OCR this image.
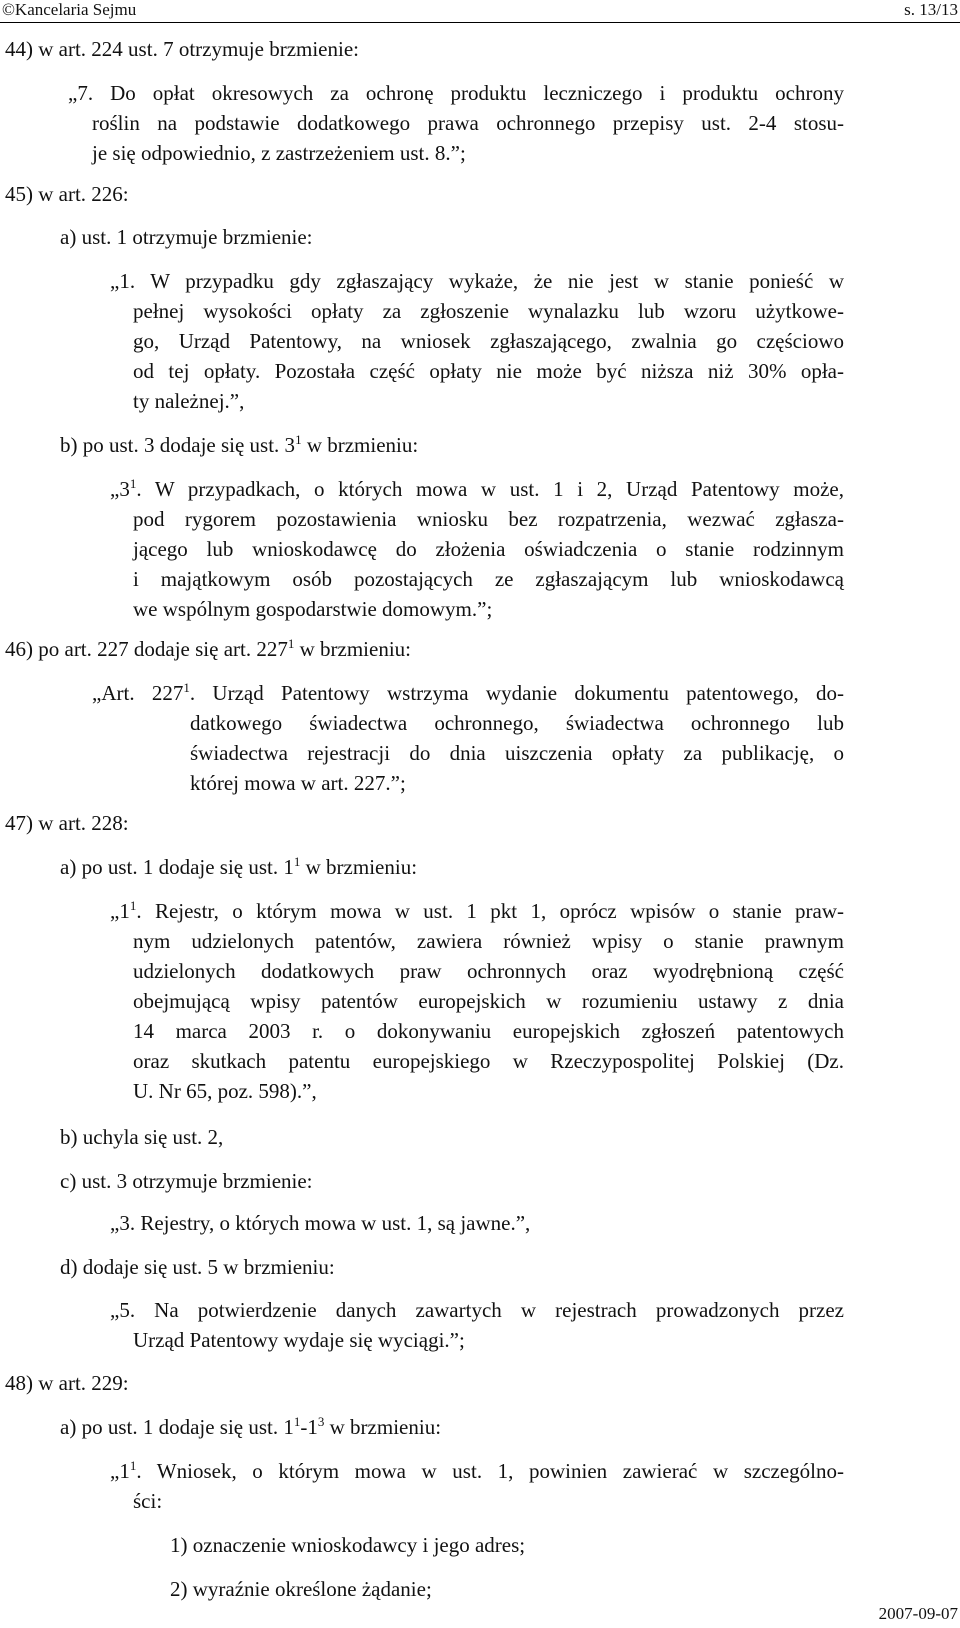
©Kancelaria Sejmu	s. 13/13
44) w art. 224 ust. 7 otrzymuje brzmienie:
„7. Do opłat okresowych za ochronę produktu leczniczego i produktu ochrony
roślin na podstawie dodatkowego prawa ochronnego przepisy ust. 2-4 stosu-
je się odpowiednio, z zastrzeżeniem ust. 8.”;
45) w art. 226:
a) ust. 1 otrzymuje brzmienie:
„1. W przypadku gdy zgłaszający wykaże, że nie jest w stanie ponieść w
pełnej wysokości opłaty za zgłoszenie wynalazku lub wzoru użytkowe-
go, Urząd Patentowy, na wniosek zgłaszającego, zwalnia go częściowo
od tej opłaty. Pozostała część opłaty nie może być niższa niż 30% opła-
ty należnej.”,
b) po ust. 3 dodaje się ust. $3^1$ w brzmieniu:
$„3^1$. W przypadkach, o których mowa w ust. 1 i 2, Urząd Patentowy może,
pod rygorem pozostawienia wniosku bez rozpatrzenia, wezwać zgłasza-
jącego lub wnioskodawcę do złożenia oświadczenia o stanie rodzinnym
i majątkowym osób pozostających ze zgłaszającym lub wnioskodawcą
we wspólnym gospodarstwie domowym.”;
46) po art. 227 dodaje się art. $227^1$ w brzmieniu:
„Art. $227^1$. Urząd Patentowy wstrzyma wydanie dokumentu patentowego, do-
datkowego świadectwa ochronnego, świadectwa ochronnego lub
świadectwa rejestracji do dnia uiszczenia opłaty za publikację, o
której mowa w art. 227.”;
47) w art. 228:
a) po ust. 1 dodaje się ust. $1^1$ w brzmieniu:
$„1^1$. Rejestr, o którym mowa w ust. 1 pkt 1, oprócz wpisów o stanie praw-
nym udzielonych patentów, zawiera również wpisy o stanie prawnym
udzielonych dodatkowych praw ochronnych oraz wyodrębnioną część
obejmującą wpisy patentów europejskich w rozumieniu ustawy z dnia
14 marca 2003 r. o dokonywaniu europejskich zgłoszeń patentowych
oraz skutkach patentu europejskiego w Rzeczypospolitej Polskiej (Dz.
U. Nr 65, poz. 598).”,
b) uchyla się ust. 2,
c) ust. 3 otrzymuje brzmienie:
„3. Rejestry, o których mowa w ust. 1, są jawne.”,
d) dodaje się ust. 5 w brzmieniu:
„5. Na potwierdzenie danych zawartych w rejestrach prowadzonych przez
Urząd Patentowy wydaje się wyciągi.”;
48) w art. 229:
a) po ust. 1 dodaje się ust. $1^1-1^3$ w brzmieniu:
$„1^1$. Wniosek, o którym mowa w ust. 1, powinien zawierać w szczególno-
ści:
1) oznaczenie wnioskodawcy i jego adres;
2) wyraźnie określone żądanie;
2007-09-07
